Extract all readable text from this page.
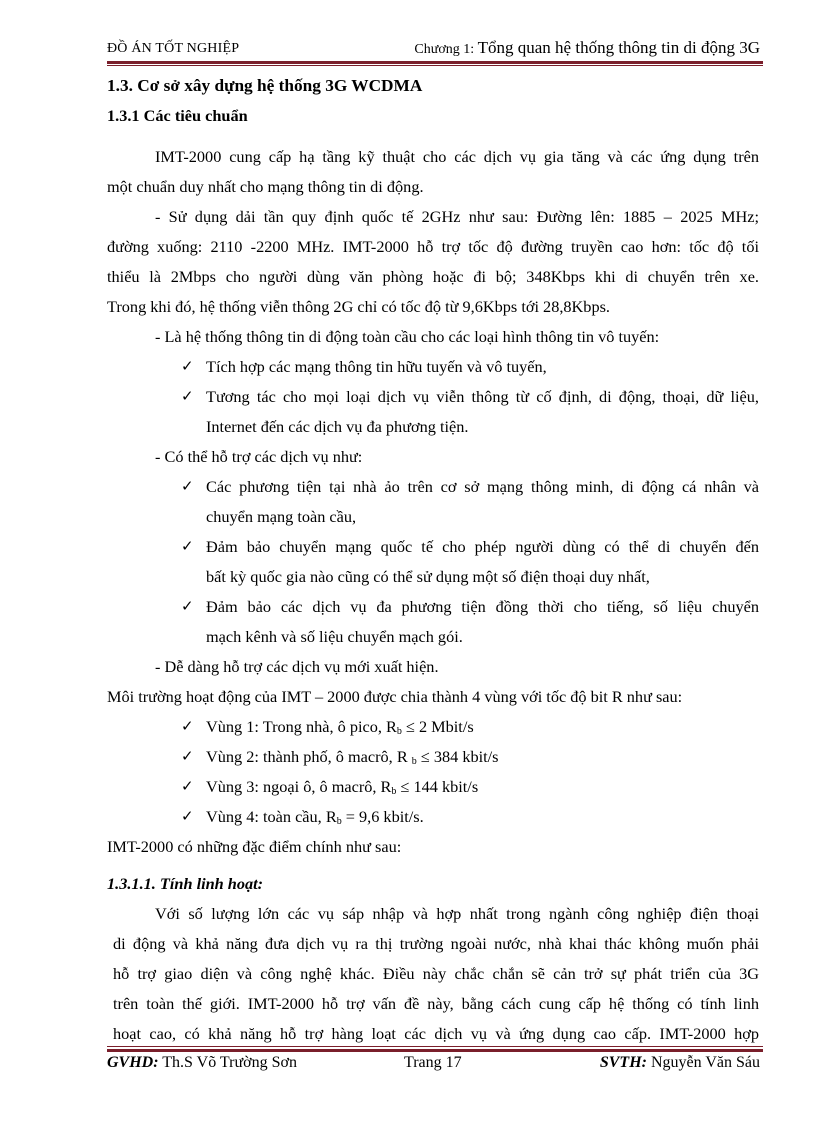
ĐỒ ÁN TỐT NGHIỆP	Chương 1: Tổng quan hệ thống thông tin di động 3G
1.3. Cơ sở xây dựng hệ thống 3G WCDMA
1.3.1 Các tiêu chuẩn
IMT-2000 cung cấp hạ tầng kỹ thuật cho các dịch vụ gia tăng và các ứng dụng trên
một chuẩn duy nhất cho mạng thông tin di động.
- Sử dụng dải tần quy định quốc tế 2GHz như sau: Đường lên: 1885 – 2025 MHz;
đường xuống: 2110 -2200 MHz. IMT-2000 hỗ trợ tốc độ đường truyền cao hơn: tốc độ tối
thiểu là 2Mbps cho người dùng văn phòng hoặc đi bộ; 348Kbps khi di chuyển trên xe.
Trong khi đó, hệ thống viễn thông 2G chỉ có tốc độ từ 9,6Kbps tới 28,8Kbps.
- Là hệ thống thông tin di động toàn cầu cho các loại hình thông tin vô tuyến:
✓ Tích hợp các mạng thông tin hữu tuyến và vô tuyến,
✓ Tương tác cho mọi loại dịch vụ viễn thông từ cố định, di động, thoại, dữ liệu,
Internet đến các dịch vụ đa phương tiện.
- Có thể hỗ trợ các dịch vụ như:
✓ Các phương tiện tại nhà ảo trên cơ sở mạng thông minh, di động cá nhân và
chuyển mạng toàn cầu,
✓ Đảm bảo chuyển mạng quốc tế cho phép người dùng có thể di chuyển đến
bất kỳ quốc gia nào cũng có thể sử dụng một số điện thoại duy nhất,
✓ Đảm bảo các dịch vụ đa phương tiện đồng thời cho tiếng, số liệu chuyển
mạch kênh và số liệu chuyển mạch gói.
- Dễ dàng hỗ trợ các dịch vụ mới xuất hiện.
Môi trường hoạt động của IMT – 2000 được chia thành 4 vùng với tốc độ bit R như sau:
✓ Vùng 1: Trong nhà, ô pico, $R_b \le 2$ Mbit/s
✓ Vùng 2: thành phố, ô macrô, R $_b$ ≤ 384 kbit/s
✓ Vùng 3: ngoại ô, ô macrô, $R_b \le 144$ kbit/s
✓ Vùng 4: toàn cầu, $R_b = 9,6$ kbit/s.
IMT-2000 có những đặc điểm chính như sau:
1.3.1.1. Tính linh hoạt:
Với số lượng lớn các vụ sáp nhập và hợp nhất trong ngành công nghiệp điện thoại
di động và khả năng đưa dịch vụ ra thị trường ngoài nước, nhà khai thác không muốn phải
hỗ trợ giao diện và công nghệ khác. Điều này chắc chắn sẽ cản trở sự phát triển của 3G
trên toàn thế giới. IMT-2000 hỗ trợ vấn đề này, bằng cách cung cấp hệ thống có tính linh
hoạt cao, có khả năng hỗ trợ hàng loạt các dịch vụ và ứng dụng cao cấp. IMT-2000 hợp
GVHD: Th.S Võ Trường Sơn	Trang 17	SVTH: Nguyễn Văn Sáu
